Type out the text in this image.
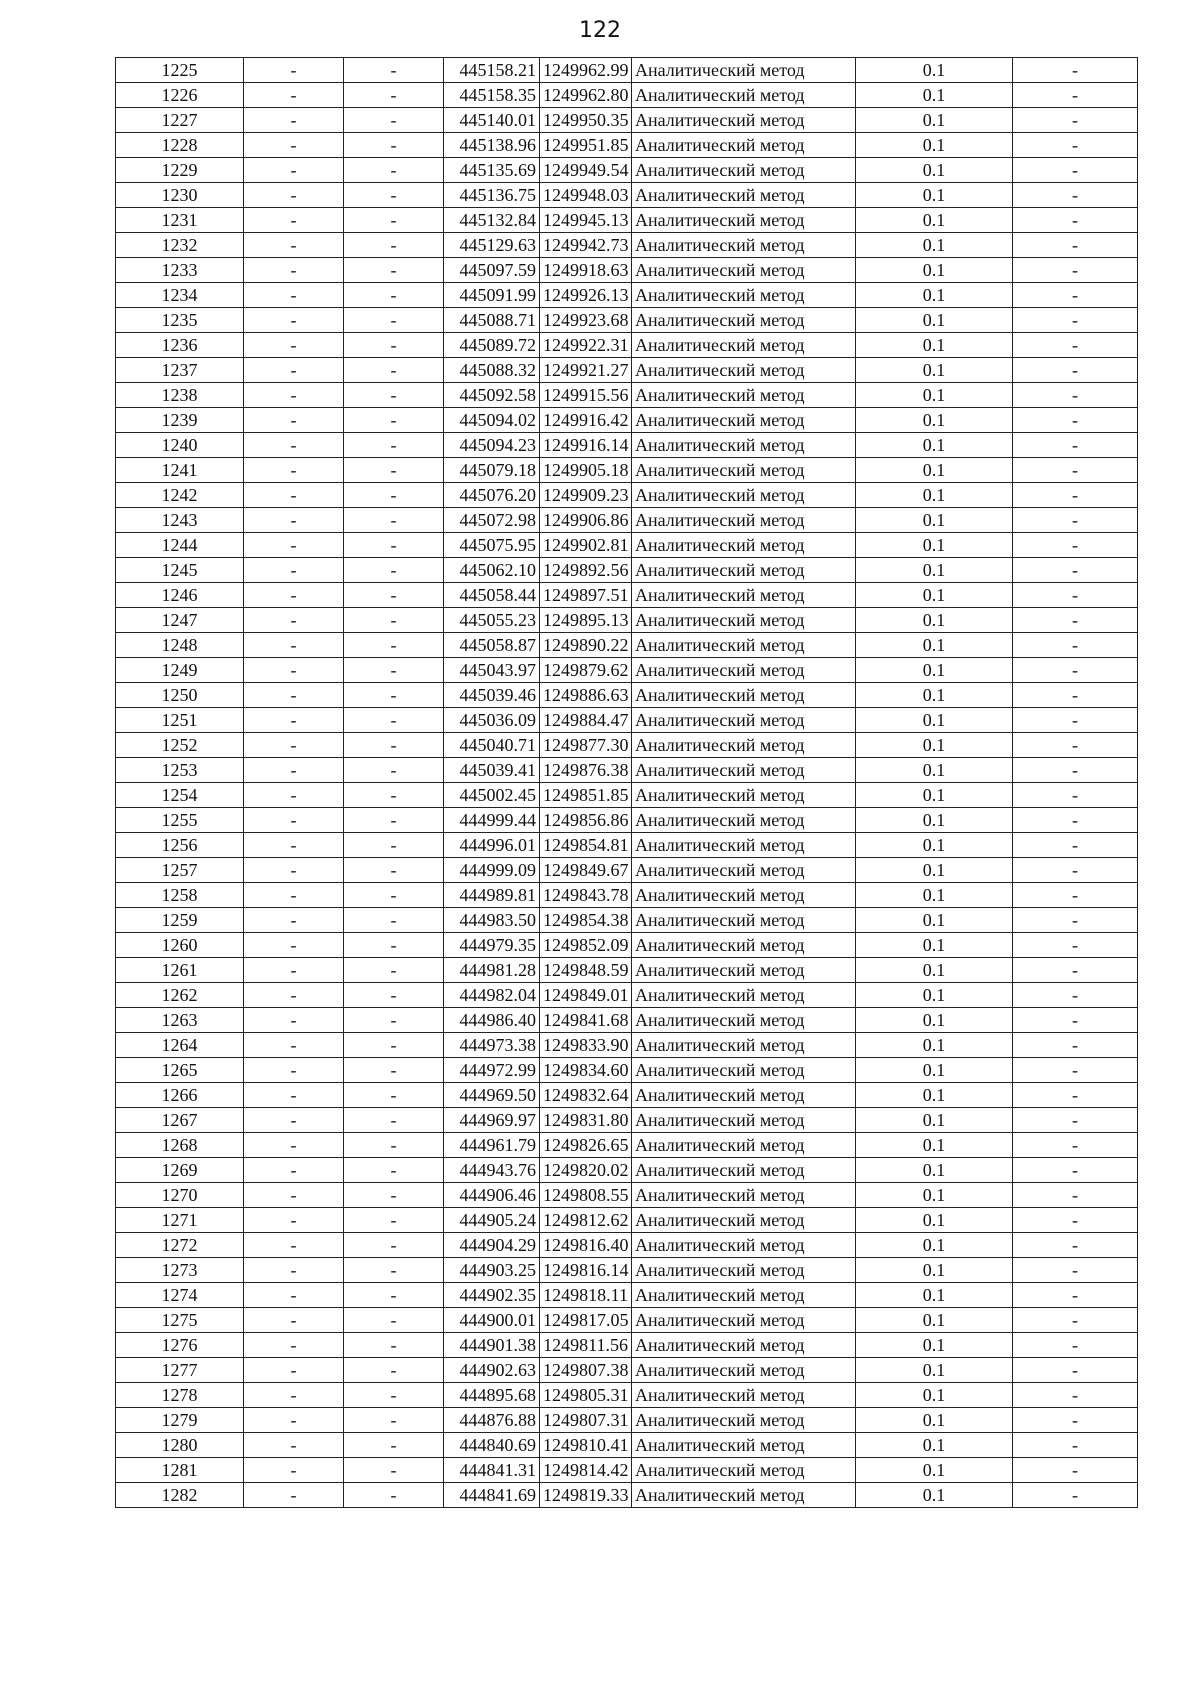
122
1225	-	-	445158.21	1249962.99	Аналитический метод	0.1	-
1226	-	-	445158.35	1249962.80	Аналитический метод	0.1	-
1227	-	-	445140.01	1249950.35	Аналитический метод	0.1	-
1228	-	-	445138.96	1249951.85	Аналитический метод	0.1	-
1229	-	-	445135.69	1249949.54	Аналитический метод	0.1	-
1230	-	-	445136.75	1249948.03	Аналитический метод	0.1	-
1231	-	-	445132.84	1249945.13	Аналитический метод	0.1	-
1232	-	-	445129.63	1249942.73	Аналитический метод	0.1	-
1233	-	-	445097.59	1249918.63	Аналитический метод	0.1	-
1234	-	-	445091.99	1249926.13	Аналитический метод	0.1	-
1235	-	-	445088.71	1249923.68	Аналитический метод	0.1	-
1236	-	-	445089.72	1249922.31	Аналитический метод	0.1	-
1237	-	-	445088.32	1249921.27	Аналитический метод	0.1	-
1238	-	-	445092.58	1249915.56	Аналитический метод	0.1	-
1239	-	-	445094.02	1249916.42	Аналитический метод	0.1	-
1240	-	-	445094.23	1249916.14	Аналитический метод	0.1	-
1241	-	-	445079.18	1249905.18	Аналитический метод	0.1	-
1242	-	-	445076.20	1249909.23	Аналитический метод	0.1	-
1243	-	-	445072.98	1249906.86	Аналитический метод	0.1	-
1244	-	-	445075.95	1249902.81	Аналитический метод	0.1	-
1245	-	-	445062.10	1249892.56	Аналитический метод	0.1	-
1246	-	-	445058.44	1249897.51	Аналитический метод	0.1	-
1247	-	-	445055.23	1249895.13	Аналитический метод	0.1	-
1248	-	-	445058.87	1249890.22	Аналитический метод	0.1	-
1249	-	-	445043.97	1249879.62	Аналитический метод	0.1	-
1250	-	-	445039.46	1249886.63	Аналитический метод	0.1	-
1251	-	-	445036.09	1249884.47	Аналитический метод	0.1	-
1252	-	-	445040.71	1249877.30	Аналитический метод	0.1	-
1253	-	-	445039.41	1249876.38	Аналитический метод	0.1	-
1254	-	-	445002.45	1249851.85	Аналитический метод	0.1	-
1255	-	-	444999.44	1249856.86	Аналитический метод	0.1	-
1256	-	-	444996.01	1249854.81	Аналитический метод	0.1	-
1257	-	-	444999.09	1249849.67	Аналитический метод	0.1	-
1258	-	-	444989.81	1249843.78	Аналитический метод	0.1	-
1259	-	-	444983.50	1249854.38	Аналитический метод	0.1	-
1260	-	-	444979.35	1249852.09	Аналитический метод	0.1	-
1261	-	-	444981.28	1249848.59	Аналитический метод	0.1	-
1262	-	-	444982.04	1249849.01	Аналитический метод	0.1	-
1263	-	-	444986.40	1249841.68	Аналитический метод	0.1	-
1264	-	-	444973.38	1249833.90	Аналитический метод	0.1	-
1265	-	-	444972.99	1249834.60	Аналитический метод	0.1	-
1266	-	-	444969.50	1249832.64	Аналитический метод	0.1	-
1267	-	-	444969.97	1249831.80	Аналитический метод	0.1	-
1268	-	-	444961.79	1249826.65	Аналитический метод	0.1	-
1269	-	-	444943.76	1249820.02	Аналитический метод	0.1	-
1270	-	-	444906.46	1249808.55	Аналитический метод	0.1	-
1271	-	-	444905.24	1249812.62	Аналитический метод	0.1	-
1272	-	-	444904.29	1249816.40	Аналитический метод	0.1	-
1273	-	-	444903.25	1249816.14	Аналитический метод	0.1	-
1274	-	-	444902.35	1249818.11	Аналитический метод	0.1	-
1275	-	-	444900.01	1249817.05	Аналитический метод	0.1	-
1276	-	-	444901.38	1249811.56	Аналитический метод	0.1	-
1277	-	-	444902.63	1249807.38	Аналитический метод	0.1	-
1278	-	-	444895.68	1249805.31	Аналитический метод	0.1	-
1279	-	-	444876.88	1249807.31	Аналитический метод	0.1	-
1280	-	-	444840.69	1249810.41	Аналитический метод	0.1	-
1281	-	-	444841.31	1249814.42	Аналитический метод	0.1	-
1282	-	-	444841.69	1249819.33	Аналитический метод	0.1	-
